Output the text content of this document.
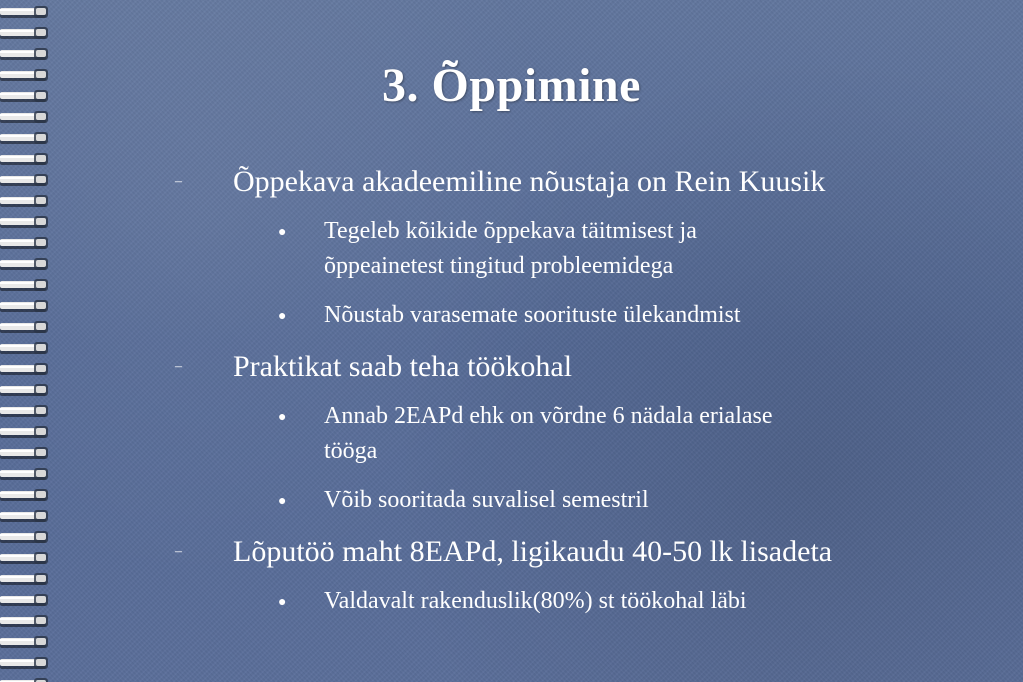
3. Õppimine
– Õppekava akadeemiline nõustaja on Rein Kuusik
● Tegeleb kõikide õppekava täitmisest ja õppeainetest tingitud probleemidega
● Nõustab varasemate soorituste ülekandmist
– Praktikat saab teha töökohal
● Annab 2EAPd ehk on võrdne 6 nädala erialase tööga
● Võib sooritada suvalisel semestril
– Lõputöö maht 8EAPd, ligikaudu 40-50 lk lisadeta
● Valdavalt rakenduslik(80%) st töökohal läbi
